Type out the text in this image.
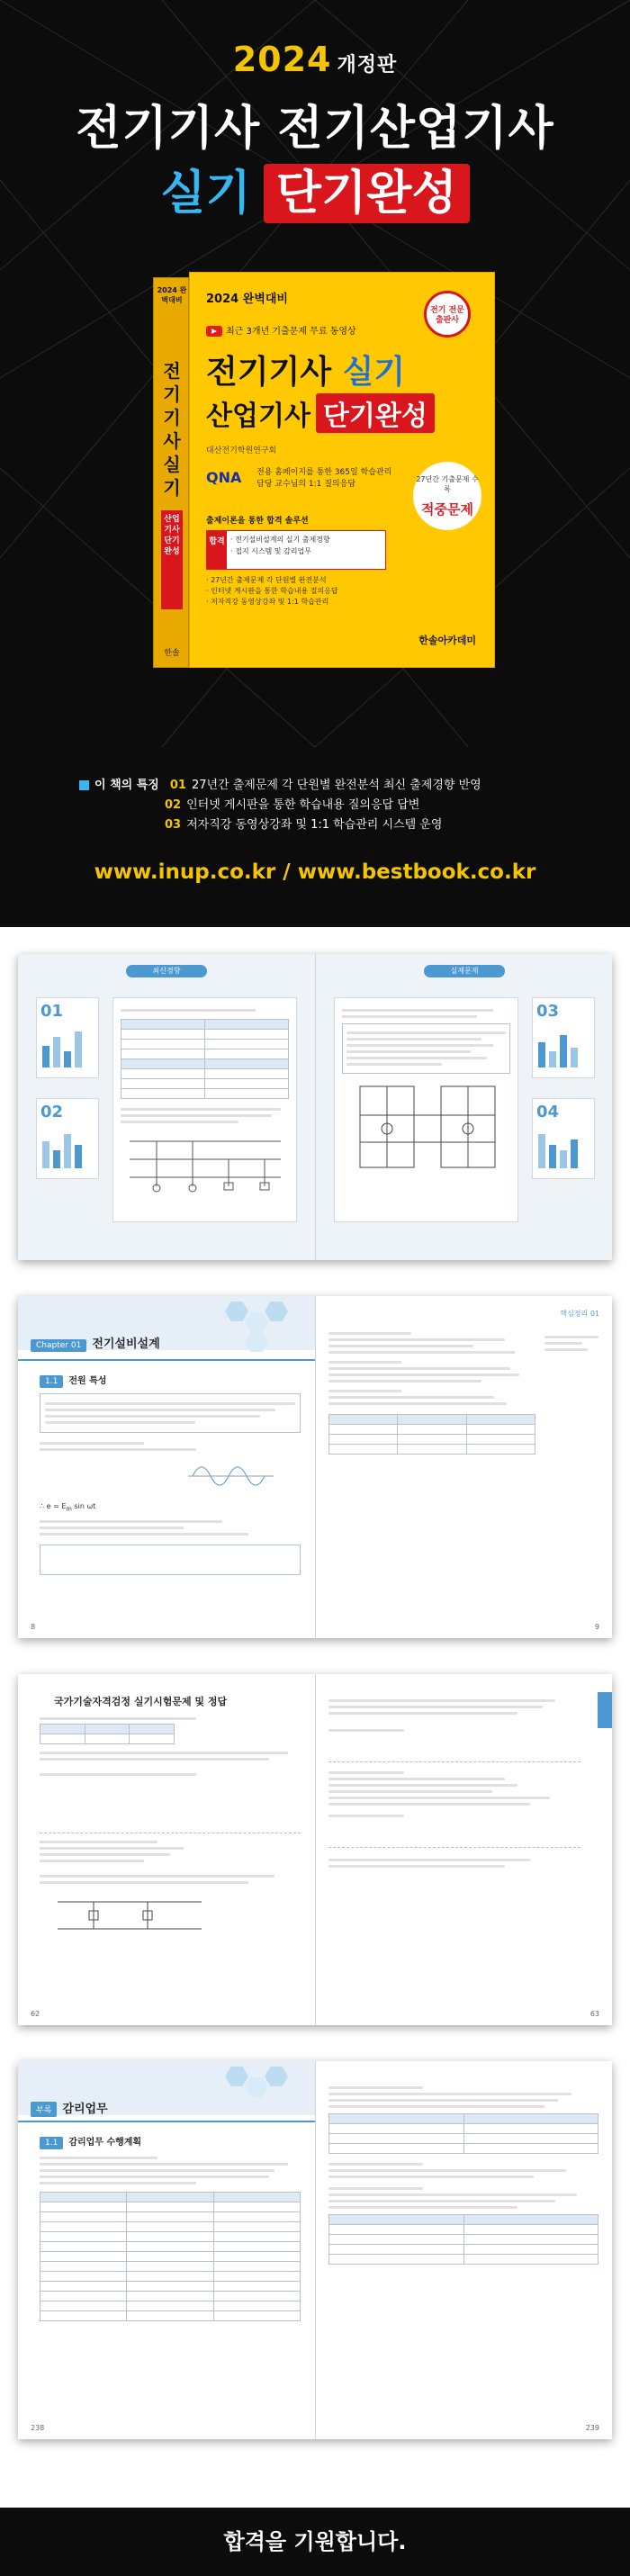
2024 개정판
전기기사 전기산업기사
실기 단기완성
2024 완벽대비
전기기사실기
산업기사단기완성
한솔
전기 전문 출판사
2024 완벽대비
최근 3개년 기출문제 무료 동영상
전기기사 실기
산업기사 단기완성
대산전기학원연구회
QNA 전용 홈페이지를 통한 365일 학습관리
담당 교수님의 1:1 질의응답
27년간 기출문제 수록
적중문제
출제이론을 통한 합격 솔루션
합격 · 전기설비설계의 실기 출제경향
· 접지 시스템 및 감리업무
· 27년간 출제문제 각 단원별 완전분석
· 인터넷 게시판을 통한 학습내용 질의응답
· 저자직강 동영상강좌 및 1:1 학습관리
한솔아카데미
이 책의 특징 01 27년간 출제문제 각 단원별 완전분석 최신 출제경향 반영
02 인터넷 게시판을 통한 학습내용 질의응답 답변
03 저자직강 동영상강좌 및 1:1 학습관리 시스템 운영
www.inup.co.kr / www.bestbook.co.kr
최신경향
01
02

실제문제
03
04
Chapter 01 전기설비설계
1.1 전원 특성
∴ $e = E_m$ sin ωt
8
핵심정리 01

9
국가기술자격검정 실기시험문제 및 정답

62	63
부록 감리업무
1.1 감리업무 수행계획

238

		239
합격을 기원합니다.
